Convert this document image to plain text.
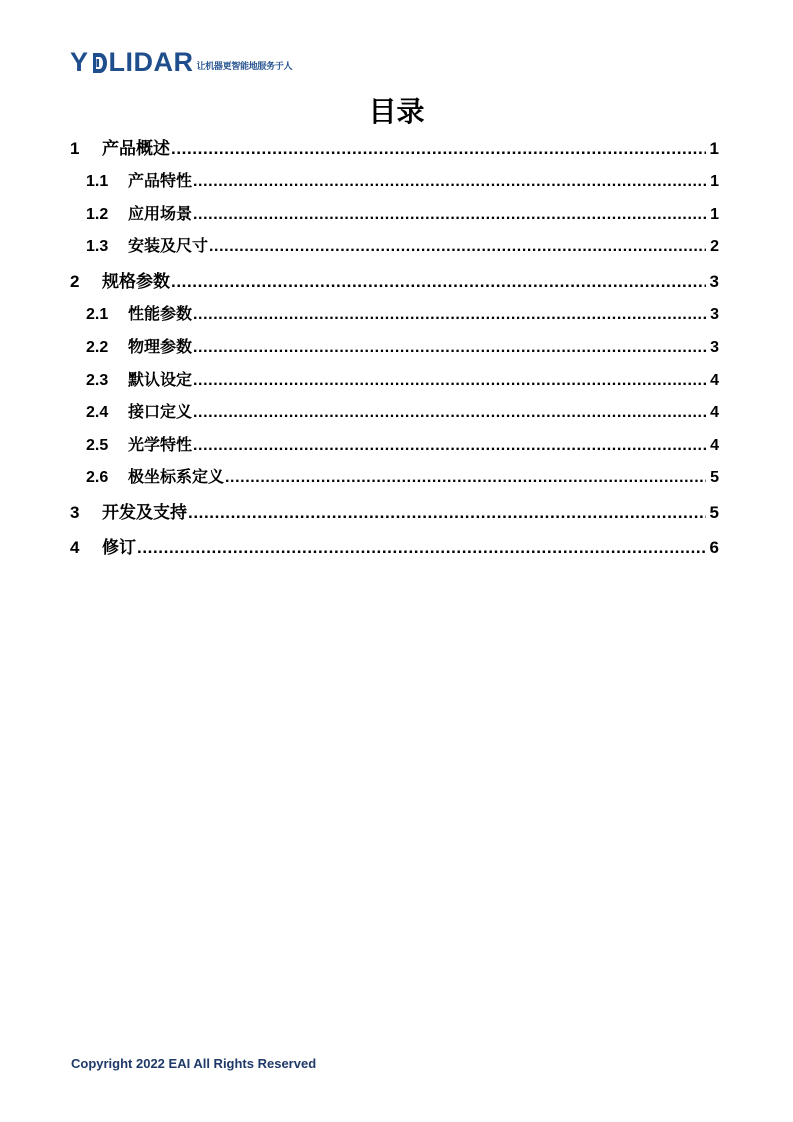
Y LIDAR 让机器更智能地服务于人
目录
1	产品概述 .....	1
1.1	产品特性 .....	1
1.2	应用场景 .....	1
1.3	安装及尺寸 .....	2
2	规格参数 .....	3
2.1	性能参数 .....	3
2.2	物理参数 .....	3
2.3	默认设定 .....	4
2.4	接口定义 .....	4
2.5	光学特性 .....	4
2.6	极坐标系定义 .....	5
3	开发及支持 .....	5
4	修订 .....	6
Copyright 2022 EAI All Rights Reserved
